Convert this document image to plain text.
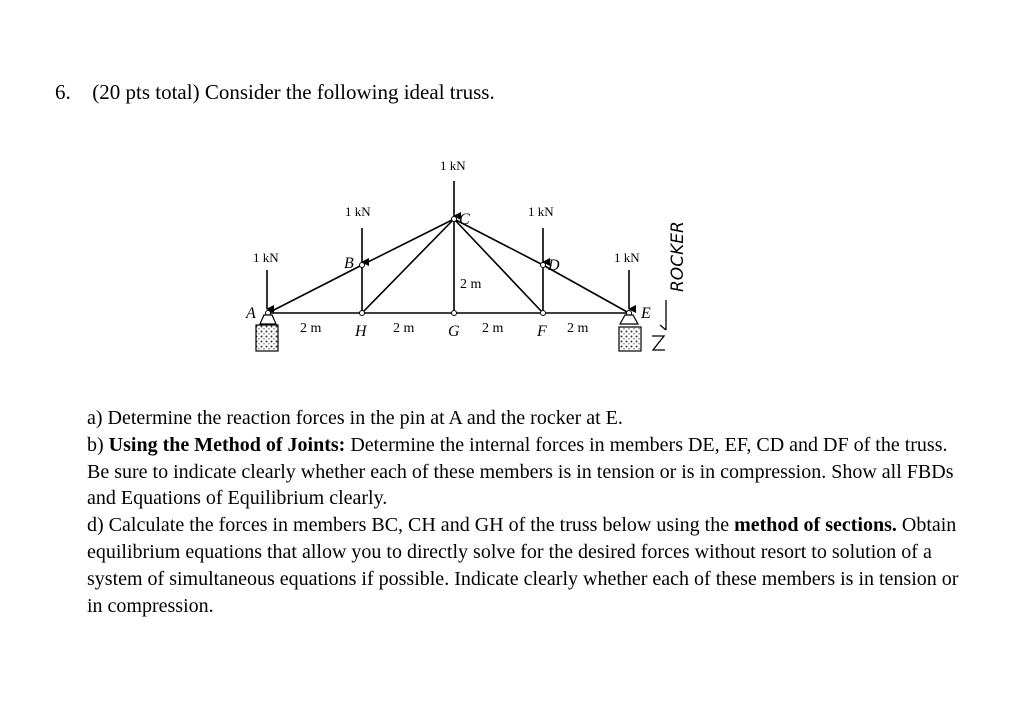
6. (20 pts total) Consider the following ideal truss.
1 kN
1 kN
1 kN
1 kN
1 kN
A
B
C
D
E
F
G
H
2 m	2 m	2 m	2 m
2 m	ROCKER

a) Determine the reaction forces in the pin at A and the rocker at E.

b) Using the Method of Joints: Determine the internal forces in members DE, EF, CD and DF of the truss. Be sure to indicate clearly whether each of these members is in tension or is in compression. Show all FBDs and Equations of Equilibrium clearly.

d) Calculate the forces in members BC, CH and GH of the truss below using the method of sections. Obtain equilibrium equations that allow you to directly solve for the desired forces without resort to solution of a system of simultaneous equations if possible. Indicate clearly whether each of these members is in tension or in compression.
